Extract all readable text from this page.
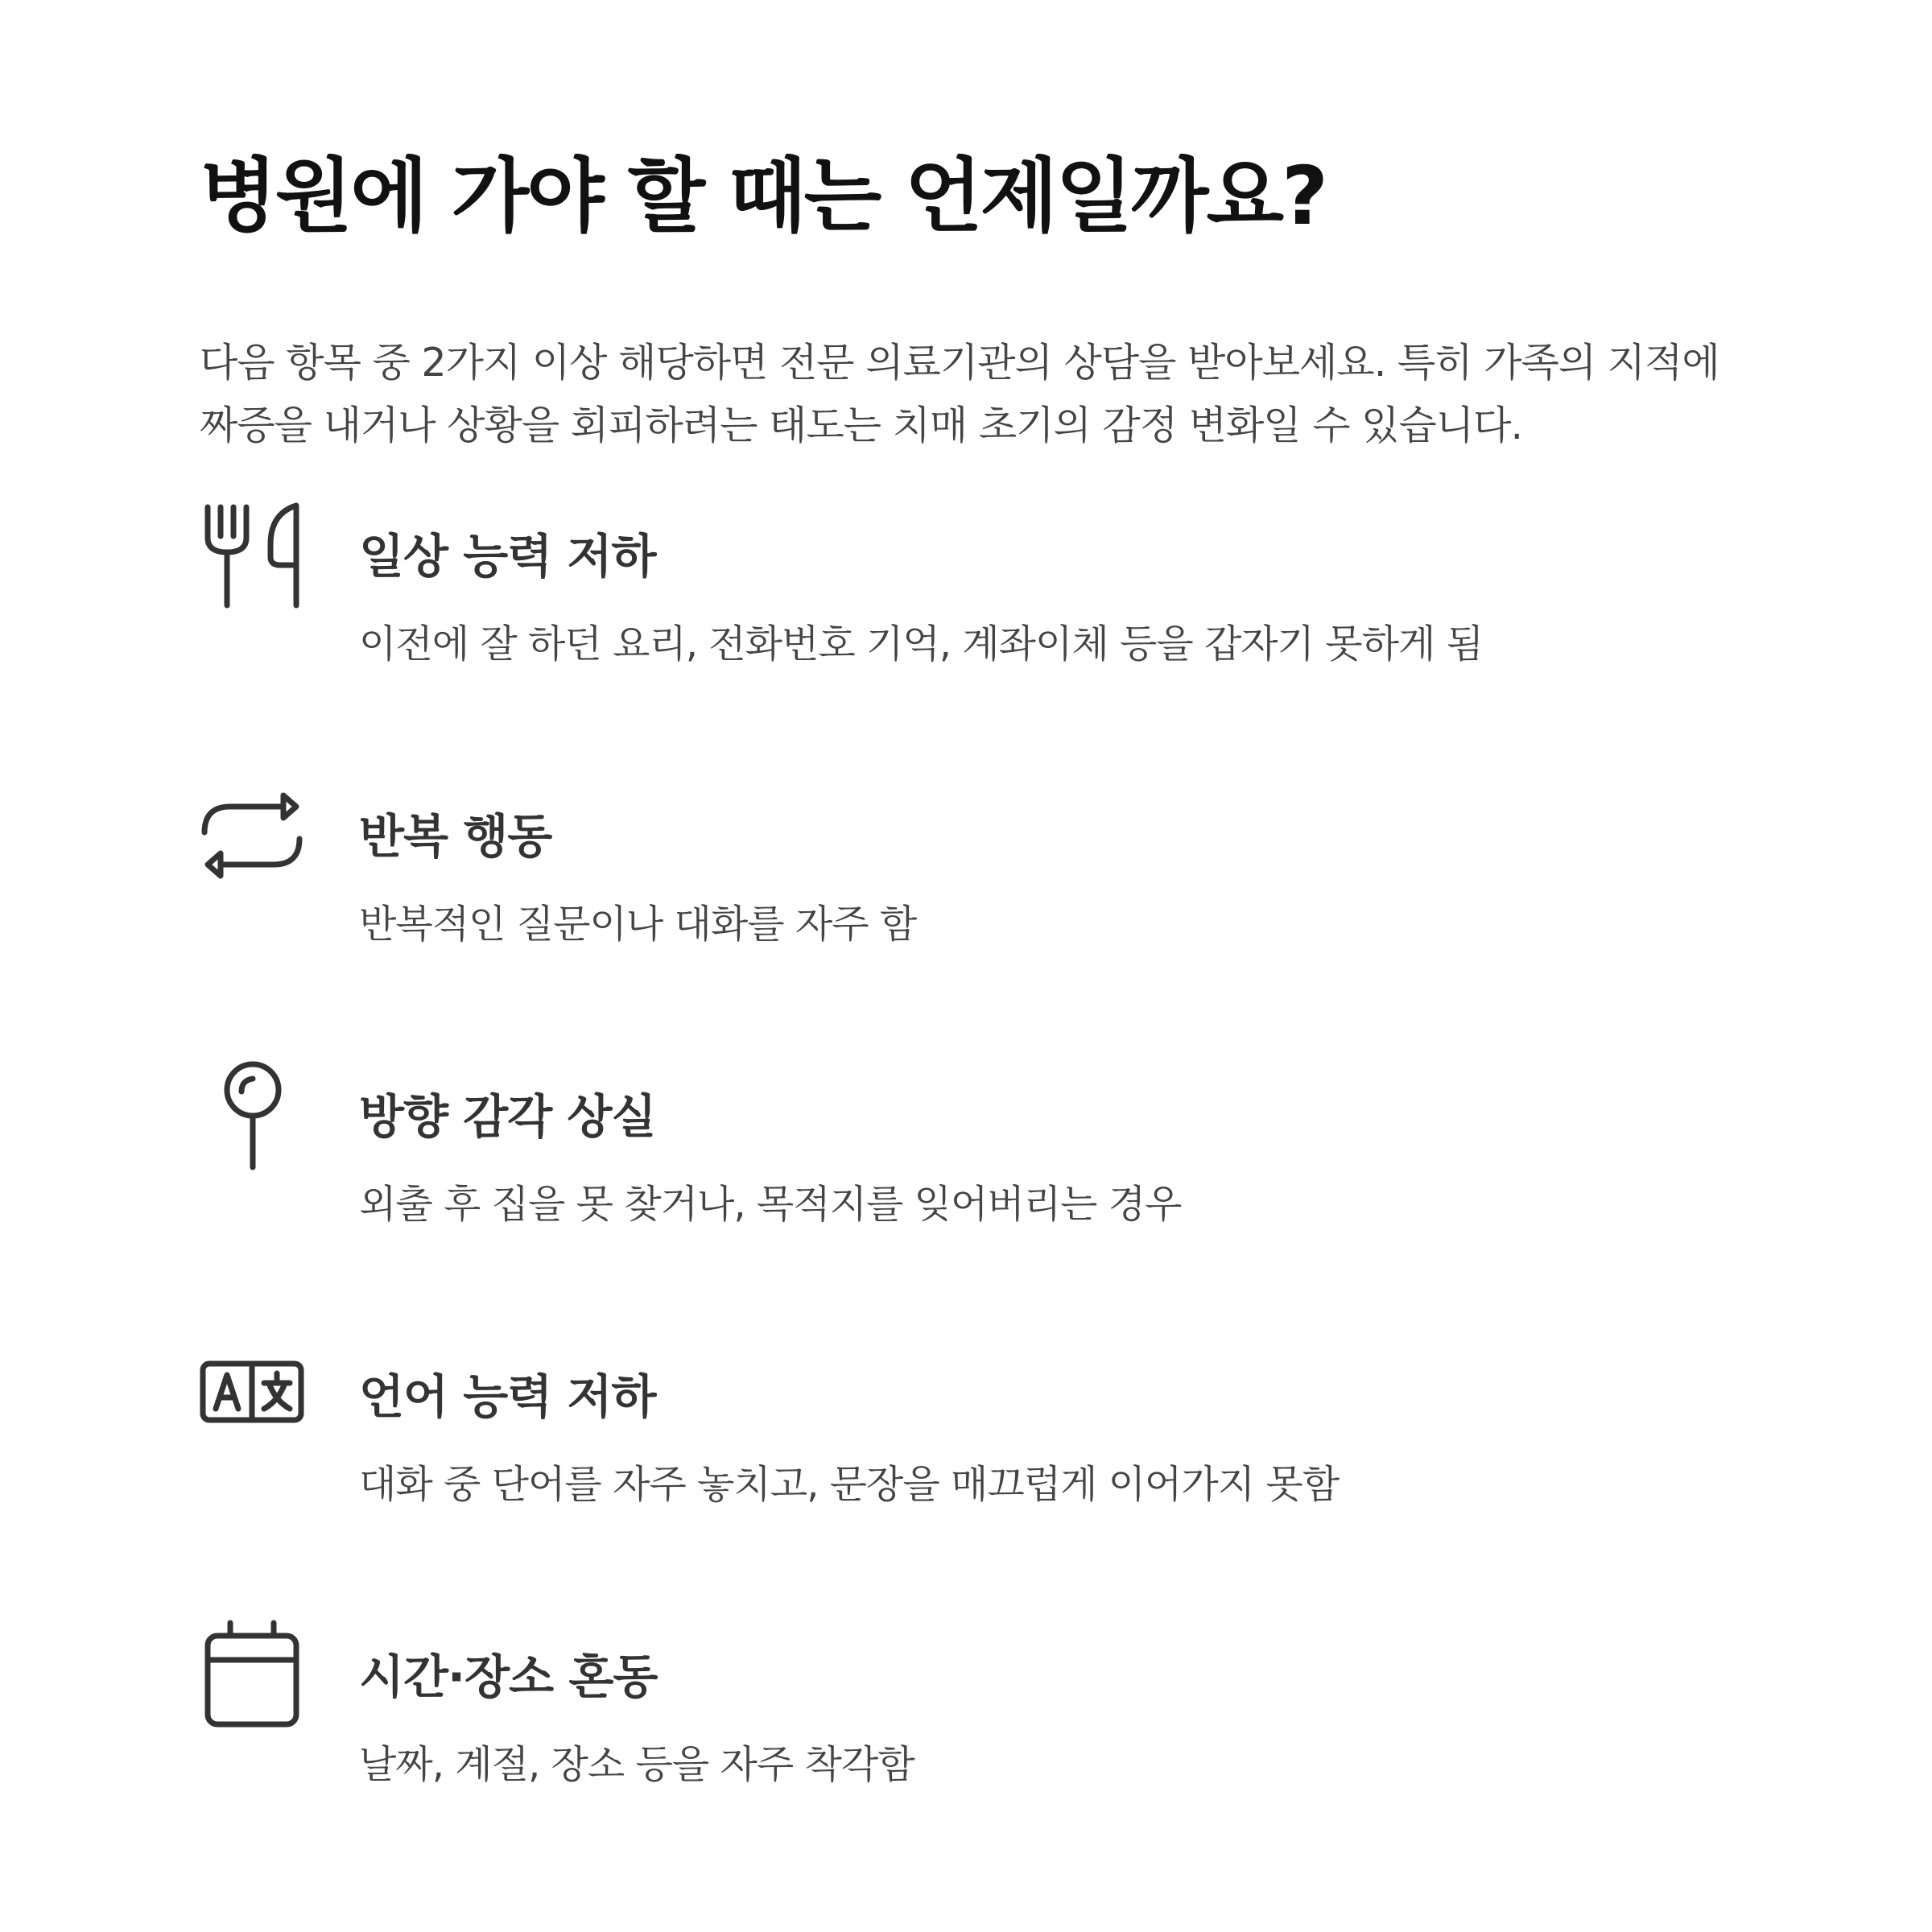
병원에 가야 할 때는 언제일까요?
다음 항목 중 2가지 이상 해당하면 전문 의료기관의 상담을 받아보세요. 특히 가족의 지적에
짜증을 내거나 상황을 회피하려는 태도는 치매 초기의 감정 변화일 수 있습니다.
일상 능력 저하
이전에 잘 하던 요리, 전화번호 기억, 계좌이체 등을 갑자기 못하게 됨
반복 행동
반복적인 질문이나 대화를 자주 함
방향 감각 상실
외출 후 집을 못 찾거나, 목적지를 잊어버리는 경우
언어 능력 저하
대화 중 단어를 자주 놓치고, 문장을 매끄럽게 이어가지 못함
시간·장소 혼동
날짜, 계절, 장소 등을 자주 착각함
